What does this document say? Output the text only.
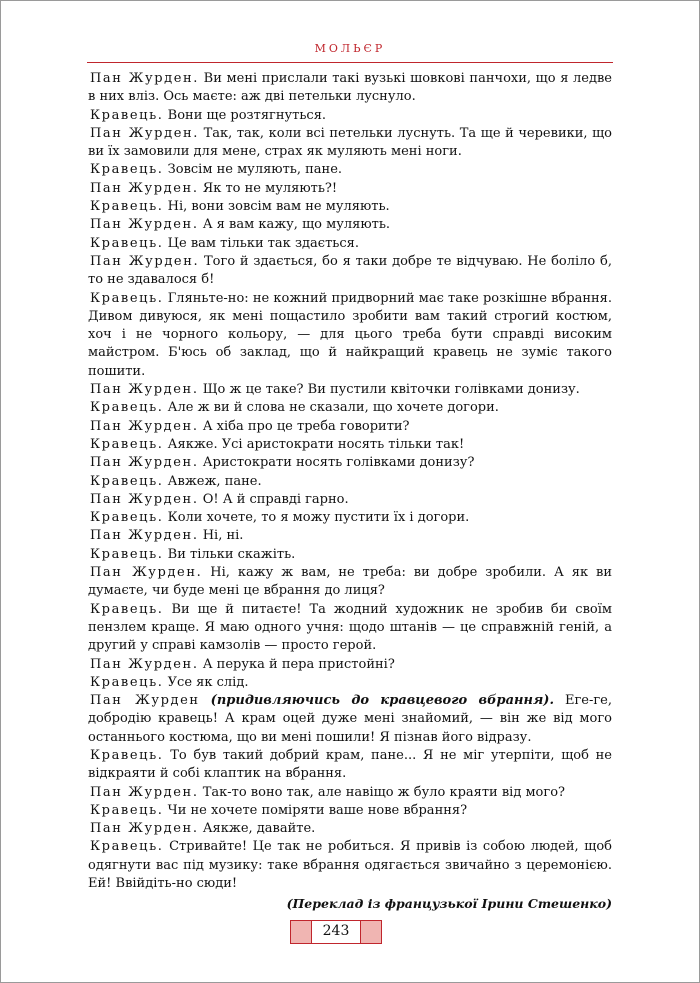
МОЛЬЄР

Пан Журден. Ви мені прислали такі вузькі шовкові панчохи, що я ледве в них вліз. Ось маєте: аж дві петельки луснуло.

Кравець. Вони ще розтягнуться.

Пан Журден. Так, так, коли всі петельки луснуть. Та ще й черевики, що ви їх замовили для мене, страх як муляють мені ноги.

Кравець. Зовсім не муляють, пане.

Пан Журден. Як то не муляють?!

Кравець. Ні, вони зовсім вам не муляють.

Пан Журден. А я вам кажу, що муляють.

Кравець. Це вам тільки так здається.

Пан Журден. Того й здається, бо я таки добре те відчуваю. Не боліло б, то не здавалося б!

Кравець. Гляньте-но: не кожний придворний має таке розкішне вбрання. Дивом дивуюся, як мені пощастило зробити вам такий строгий костюм, хоч і не чорного кольору, — для цього треба бути справді високим майстром. Б'юсь об заклад, що й найкращий кравець не зуміє такого пошити.

Пан Журден. Що ж це таке? Ви пустили квіточки голівками донизу.

Кравець. Але ж ви й слова не сказали, що хочете догори.

Пан Журден. А хіба про це треба говорити?

Кравець. Аякже. Усі аристократи носять тільки так!

Пан Журден. Аристократи носять голівками донизу?

Кравець. Авжеж, пане.

Пан Журден. О! А й справді гарно.

Кравець. Коли хочете, то я можу пустити їх і догори.

Пан Журден. Ні, ні.

Кравець. Ви тільки скажіть.

Пан Журден. Ні, кажу ж вам, не треба: ви добре зробили. А як ви думаєте, чи буде мені це вбрання до лиця?

Кравець. Ви ще й питаєте! Та жодний художник не зробив би своїм пензлем краще. Я маю одного учня: щодо штанів — це справжній геній, а другий у справі камзолів — просто герой.

Пан Журден. А перука й пера пристойні?

Кравець. Усе як слід.

Пан Журден (придивляючись до кравцевого вбрання). Еге-ге, добродію кравець! А крам оцей дуже мені знайомий, — він же від мого останнього костюма, що ви мені пошили! Я пізнав його відразу.

Кравець. То був такий добрий крам, пане... Я не міг утерпіти, щоб не відкраяти й собі клаптик на вбрання.

Пан Журден. Так-то воно так, але навіщо ж було краяти від мого?

Кравець. Чи не хочете поміряти ваше нове вбрання?

Пан Журден. Аякже, давайте.

Кравець. Стривайте! Це так не робиться. Я привів із собою людей, щоб одягнути вас під музику: таке вбрання одягається звичайно з церемонією. Ей! Ввійдіть-но сюди!

(Переклад із французької Ірини Стешенко)

243
